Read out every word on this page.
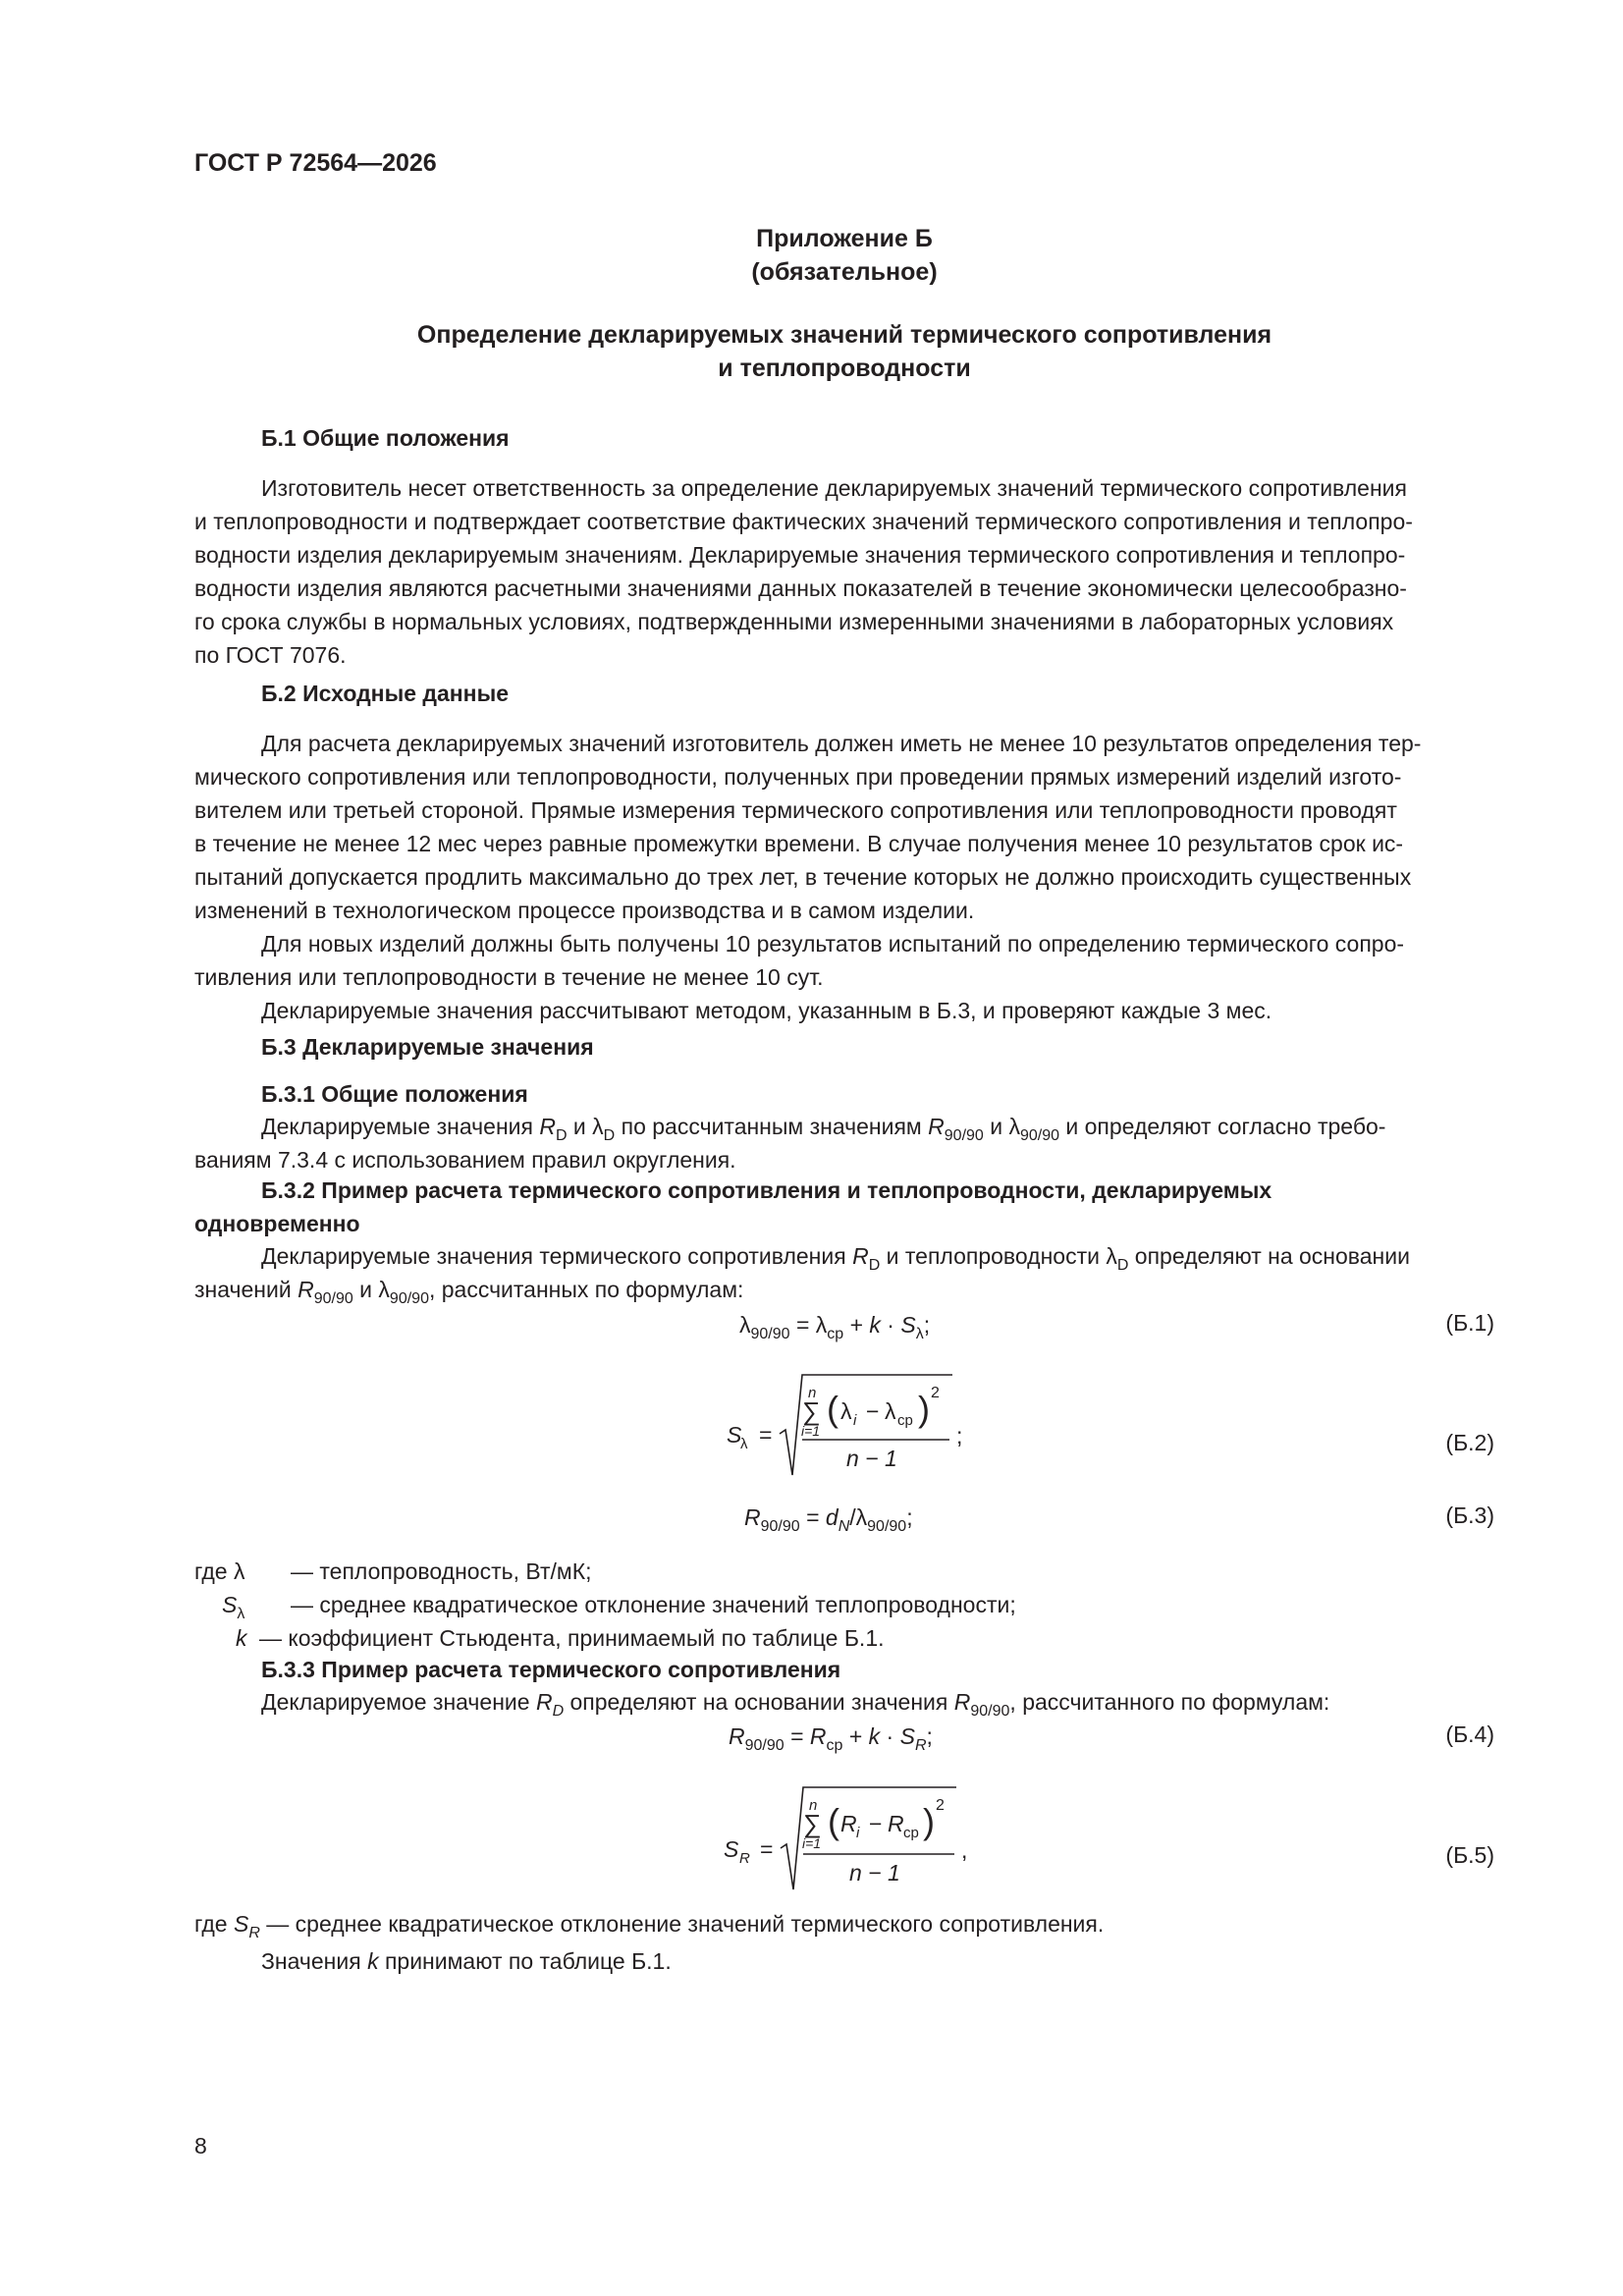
ГОСТ Р 72564—2026
Приложение Б
(обязательное)
Определение декларируемых значений термического сопротивления
и теплопроводности
Б.1 Общие положения
Изготовитель несет ответственность за определение декларируемых значений термического сопротивления
и теплопроводности и подтверждает соответствие фактических значений термического сопротивления и теплопро-
водности изделия декларируемым значениям. Декларируемые значения термического сопротивления и теплопро-
водности изделия являются расчетными значениями данных показателей в течение экономически целесообразно-
го срока службы в нормальных условиях, подтвержденными измеренными значениями в лабораторных условиях
по ГОСТ 7076.
Б.2 Исходные данные
Для расчета декларируемых значений изготовитель должен иметь не менее 10 результатов определения тер-
мического сопротивления или теплопроводности, полученных при проведении прямых измерений изделий изгото-
вителем или третьей стороной. Прямые измерения термического сопротивления или теплопроводности проводят
в течение не менее 12 мес через равные промежутки времени. В случае получения менее 10 результатов срок ис-
пытаний допускается продлить максимально до трех лет, в течение которых не должно происходить существенных
изменений в технологическом процессе производства и в самом изделии.
Для новых изделий должны быть получены 10 результатов испытаний по определению термического сопро-
тивления или теплопроводности в течение не менее 10 сут.
Декларируемые значения рассчитывают методом, указанным в Б.3, и проверяют каждые 3 мес.
Б.3 Декларируемые значения
Б.3.1 Общие положения
Декларируемые значения $R_D$ и $\lambda_D$ по рассчитанным значениям $R_{90/90}$ и $\lambda_{90/90}$ и определяют согласно требо-
ваниям 7.3.4 с использованием правил округления.
Б.3.2 Пример расчета термического сопротивления и теплопроводности, декларируемых
одновременно
Декларируемые значения термического сопротивления $R_D$ и теплопроводности $\lambda_D$ определяют на основании
значений $R_{90/90}$ и $\lambda_{90/90}$, рассчитанных по формулам:
$\lambda_{90/90} = \lambda_{ср} + k \cdot S_\lambda$;	(Б.1)
S
λ =
n
∑
i=1
( λ i − λ ср ) 2
n − 1
;	(Б.2)
$R_{90/90} = d_N/\lambda_{90/90}$;	(Б.3)
где λ — теплопроводность, Вт/мК;
$S_\lambda$ — среднее квадратическое отклонение значений теплопроводности;
k — коэффициент Стьюдента, принимаемый по таблице Б.1.
Б.3.3 Пример расчета термического сопротивления
Декларируемое значение $R_D$ определяют на основании значения $R_{90/90}$, рассчитанного по формулам:
$R_{90/90} = R_{ср} + k \cdot S_R$;	(Б.4)
S R =
n
∑
i=1
( R i − R ср ) 2
n − 1
,	(Б.5)
где $S_R$ — среднее квадратическое отклонение значений термического сопротивления.
Значения k принимают по таблице Б.1.
8
